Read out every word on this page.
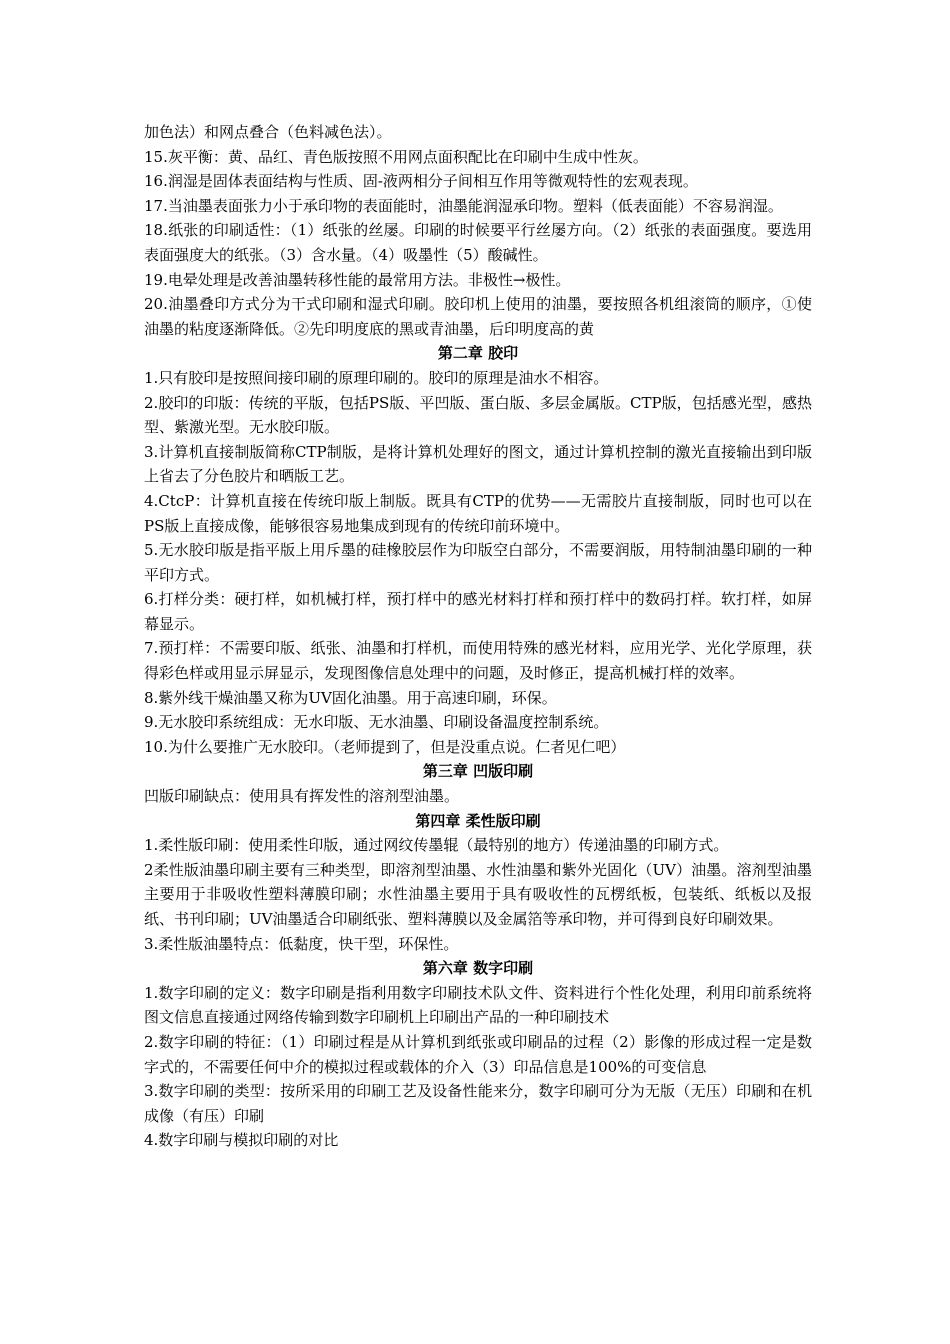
加色法）和网点叠合（色料减色法）。

15.灰平衡：黄、品红、青色版按照不用网点面积配比在印刷中生成中性灰。

16.润湿是固体表面结构与性质、固-液两相分子间相互作用等微观特性的宏观表现。

17.当油墨表面张力小于承印物的表面能时，油墨能润湿承印物。塑料（低表面能）不容易润湿。

18.纸张的印刷适性：（1）纸张的丝屡。印刷的时候要平行丝屡方向。（2）纸张的表面强度。要选用表面强度大的纸张。（3）含水量。（4）吸墨性（5）酸碱性。

19.电晕处理是改善油墨转移性能的最常用方法。非极性→极性。

20.油墨叠印方式分为干式印刷和湿式印刷。胶印机上使用的油墨，要按照各机组滚筒的顺序，①使油墨的粘度逐渐降低。②先印明度底的黑或青油墨，后印明度高的黄

第二章 胶印

1.只有胶印是按照间接印刷的原理印刷的。胶印的原理是油水不相容。

2.胶印的印版：传统的平版，包括PS版、平凹版、蛋白版、多层金属版。CTP版，包括感光型，感热型、紫激光型。无水胶印版。

3.计算机直接制版简称CTP制版，是将计算机处理好的图文，通过计算机控制的激光直接输出到印版上省去了分色胶片和晒版工艺。

4.CtcP：计算机直接在传统印版上制版。既具有CTP的优势——无需胶片直接制版，同时也可以在PS版上直接成像，能够很容易地集成到现有的传统印前环境中。

5.无水胶印版是指平版上用斥墨的硅橡胶层作为印版空白部分，不需要润版，用特制油墨印刷的一种平印方式。

6.打样分类：硬打样，如机械打样，预打样中的感光材料打样和预打样中的数码打样。软打样，如屏幕显示。

7.预打样：不需要印版、纸张、油墨和打样机，而使用特殊的感光材料，应用光学、光化学原理，获得彩色样或用显示屏显示，发现图像信息处理中的问题，及时修正，提高机械打样的效率。

8.紫外线干燥油墨又称为UV固化油墨。用于高速印刷，环保。

9.无水胶印系统组成：无水印版、无水油墨、印刷设备温度控制系统。

10.为什么要推广无水胶印。（老师提到了，但是没重点说。仁者见仁吧）

第三章 凹版印刷

凹版印刷缺点：使用具有挥发性的溶剂型油墨。

第四章 柔性版印刷

1.柔性版印刷：使用柔性印版，通过网纹传墨辊（最特别的地方）传递油墨的印刷方式。

2柔性版油墨印刷主要有三种类型，即溶剂型油墨、水性油墨和紫外光固化（UV）油墨。溶剂型油墨主要用于非吸收性塑料薄膜印刷；水性油墨主要用于具有吸收性的瓦楞纸板，包装纸、纸板以及报纸、书刊印刷；UV油墨适合印刷纸张、塑料薄膜以及金属箔等承印物，并可得到良好印刷效果。

3.柔性版油墨特点：低黏度，快干型，环保性。

第六章 数字印刷

1.数字印刷的定义：数字印刷是指利用数字印刷技术队文件、资料进行个性化处理，利用印前系统将图文信息直接通过网络传输到数字印刷机上印刷出产品的一种印刷技术

2.数字印刷的特征：（1）印刷过程是从计算机到纸张或印刷品的过程（2）影像的形成过程一定是数字式的，不需要任何中介的模拟过程或载体的介入（3）印品信息是100%的可变信息

3.数字印刷的类型：按所采用的印刷工艺及设备性能来分，数字印刷可分为无版（无压）印刷和在机成像（有压）印刷

4.数字印刷与模拟印刷的对比
